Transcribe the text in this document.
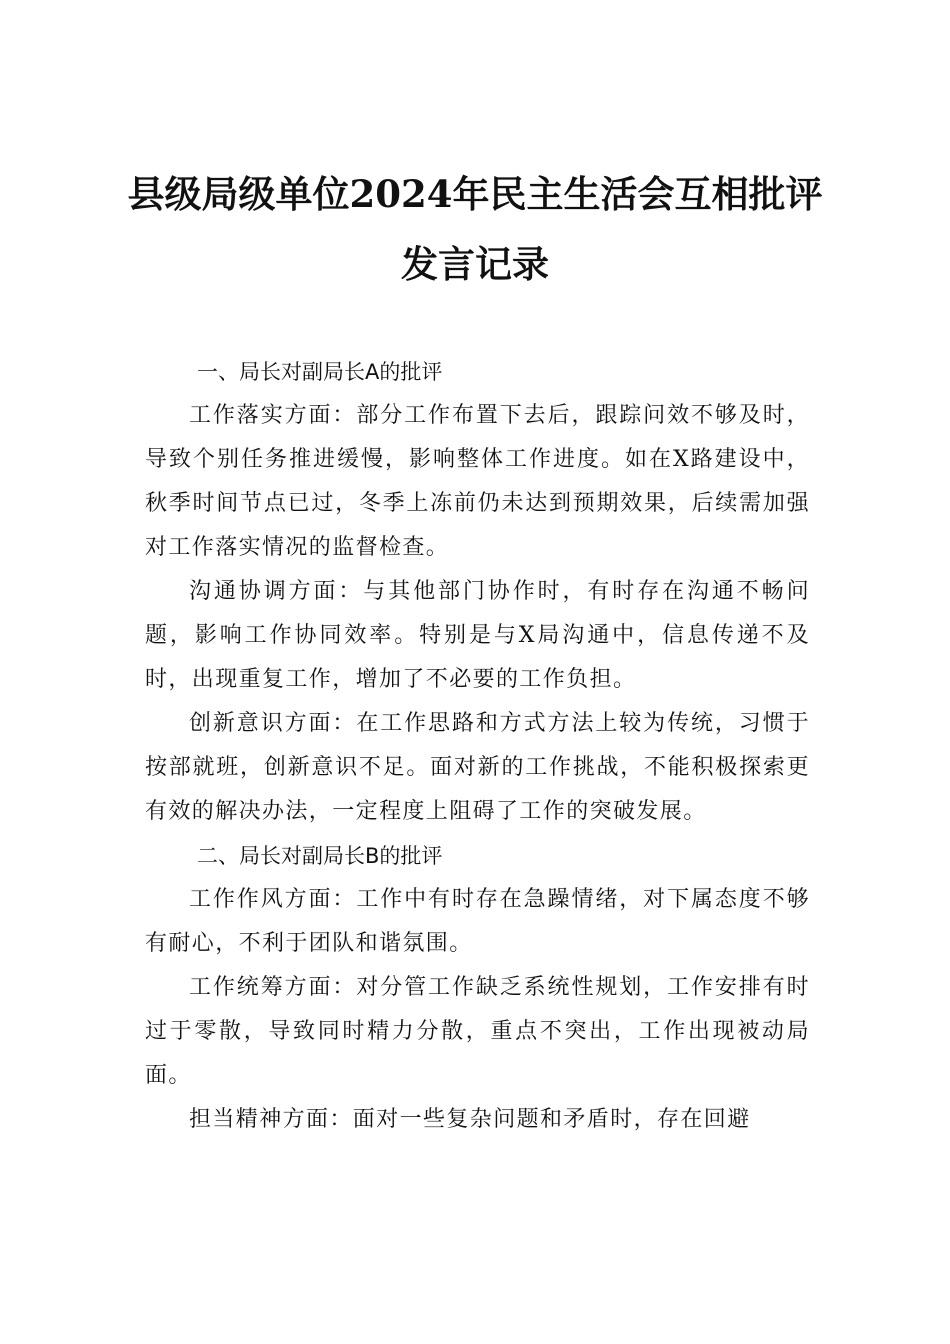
县级局级单位2024年民主生活会互相批评
发言记录

一、局长对副局长A的批评

工作落实方面：部分工作布置下去后，跟踪问效不够及时，导致个别任务推进缓慢，影响整体工作进度。如在X路建设中，秋季时间节点已过，冬季上冻前仍未达到预期效果，后续需加强对工作落实情况的监督检查。

沟通协调方面：与其他部门协作时，有时存在沟通不畅问题，影响工作协同效率。特别是与X局沟通中，信息传递不及时，出现重复工作，增加了不必要的工作负担。

创新意识方面：在工作思路和方式方法上较为传统，习惯于按部就班，创新意识不足。面对新的工作挑战，不能积极探索更有效的解决办法，一定程度上阻碍了工作的突破发展。

二、局长对副局长B的批评

工作作风方面：工作中有时存在急躁情绪，对下属态度不够有耐心，不利于团队和谐氛围。

工作统筹方面：对分管工作缺乏系统性规划，工作安排有时过于零散，导致同时精力分散，重点不突出，工作出现被动局面。

担当精神方面：面对一些复杂问题和矛盾时，存在回避
